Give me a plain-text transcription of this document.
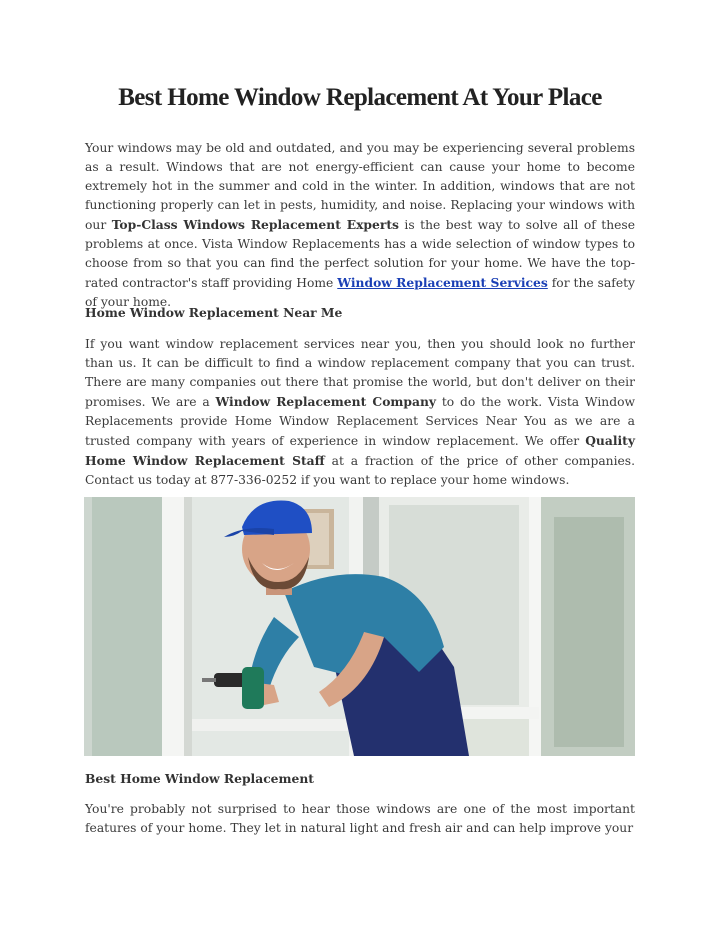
Best Home Window Replacement At Your Place
Your windows may be old and outdated, and you may be experiencing several problems as a result. Windows that are not energy-efficient can cause your home to become extremely hot in the summer and cold in the winter. In addition, windows that are not functioning properly can let in pests, humidity, and noise. Replacing your windows with our Top-Class Windows Replacement Experts is the best way to solve all of these problems at once. Vista Window Replacements has a wide selection of window types to choose from so that you can find the perfect solution for your home. We have the top-rated contractor's staff providing Home Window Replacement Services for the safety of your home.
Home Window Replacement Near Me
If you want window replacement services near you, then you should look no further than us. It can be difficult to find a window replacement company that you can trust. There are many companies out there that promise the world, but don't deliver on their promises. We are a Window Replacement Company to do the work. Vista Window Replacements provide Home Window Replacement Services Near You as we are a trusted company with years of experience in window replacement. We offer Quality Home Window Replacement Staff at a fraction of the price of other companies. Contact us today at 877-336-0252 if you want to replace your home windows.
Best Home Window Replacement
You're probably not surprised to hear those windows are one of the most important features of your home. They let in natural light and fresh air and can help improve your
